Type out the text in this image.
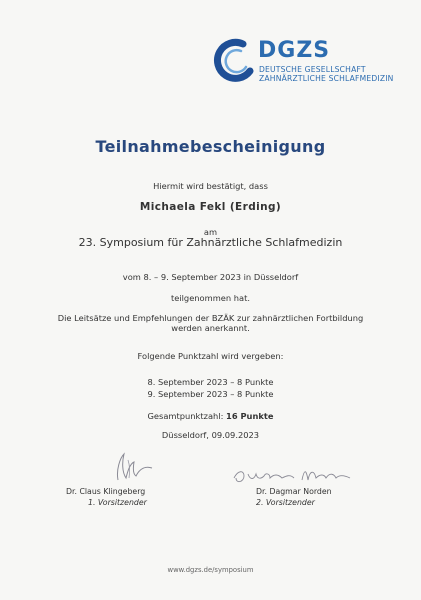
DGZS
DEUTSCHE GESELLSCHAFT
ZAHNÄRZTLICHE SCHLAFMEDIZIN
Teilnahmebescheinigung
Hiermit wird bestätigt, dass
Michaela Fekl (Erding)
am
23. Symposium für Zahnärztliche Schlafmedizin
vom 8. – 9. September 2023 in Düsseldorf
teilgenommen hat.
Die Leitsätze und Empfehlungen der BZÄK zur zahnärztlichen Fortbildung
werden anerkannt.
Folgende Punktzahl wird vergeben:
8. September 2023 – 8 Punkte
9. September 2023 – 8 Punkte
Gesamtpunktzahl: 16 Punkte
Düsseldorf, 09.09.2023
Dr. Claus Klingeberg
1. Vorsitzender
Dr. Dagmar Norden
2. Vorsitzender
www.dgzs.de/symposium
